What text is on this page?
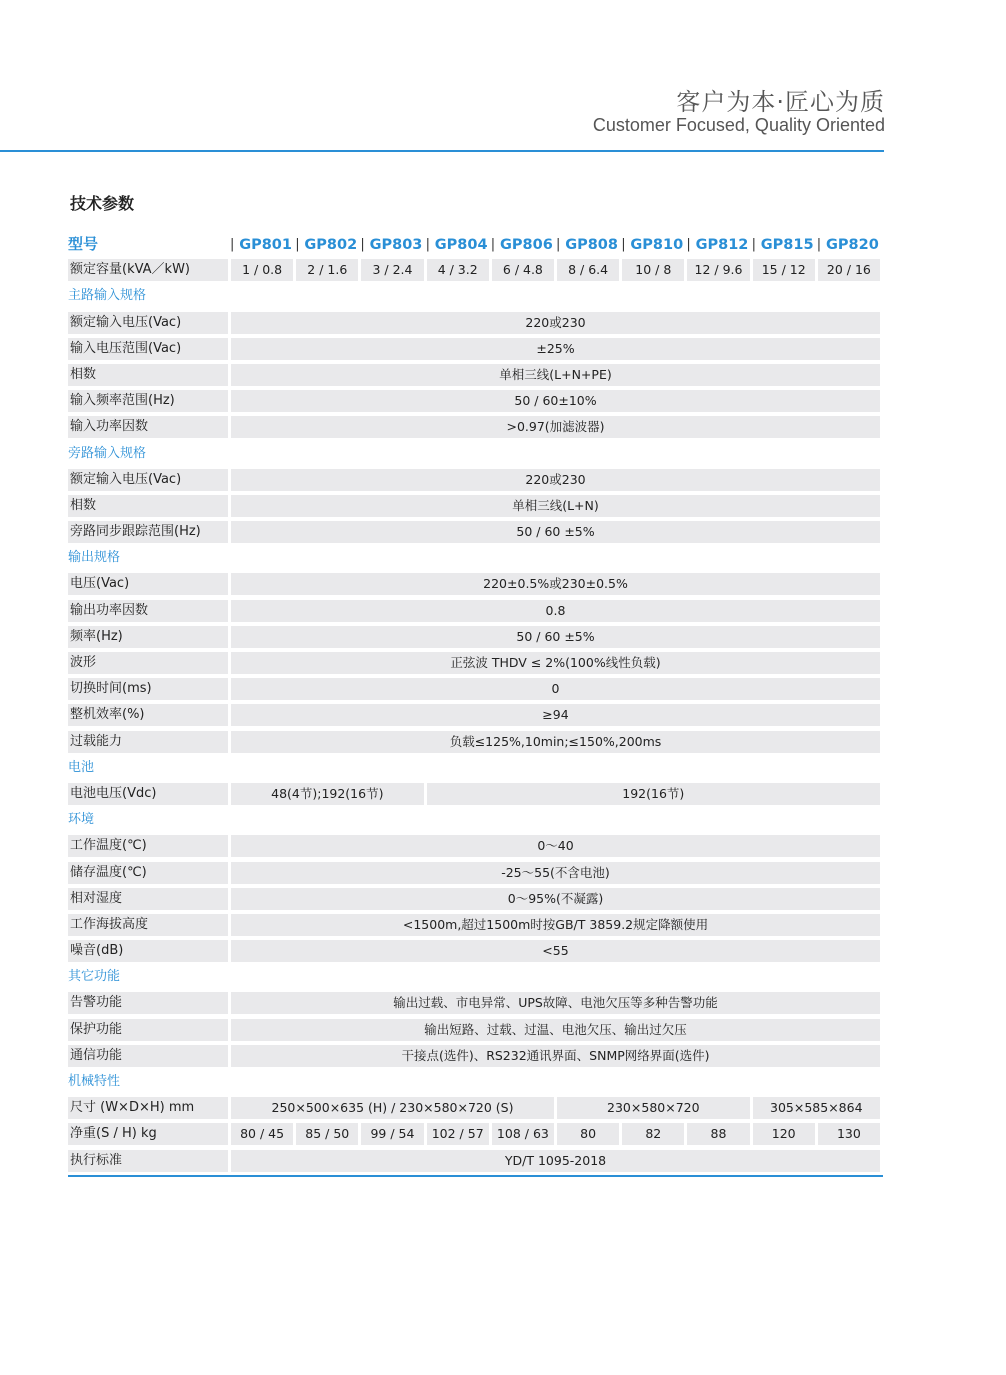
客户为本·匠心为质
Customer Focused, Quality Oriented
技术参数
型号	| GP801 | GP802 | GP803 | GP804 | GP806 | GP808 | GP810 | GP812 | GP815 | GP820
额定容量(kVA／kW)	1 / 0.8	2 / 1.6	3 / 2.4	4 / 3.2	6 / 4.8	8 / 6.4	10 / 8	12 / 9.6	15 / 12	20 / 16
主路输入规格
额定输入电压(Vac)	220或230
输入电压范围(Vac)	±25%
相数	单相三线(L+N+PE)
输入频率范围(Hz)	50 / 60±10%
输入功率因数	>0.97(加滤波器)
旁路输入规格
额定输入电压(Vac)	220或230
相数	单相三线(L+N)
旁路同步跟踪范围(Hz)	50 / 60 ±5%
输出规格
电压(Vac)	220±0.5%或230±0.5%
输出功率因数	0.8
频率(Hz)	50 / 60 ±5%
波形	正弦波 THDV ≤ 2%(100%线性负载)
切换时间(ms)	0
整机效率(%)	≥94
过载能力	负载≤125%,10min;≤150%,200ms
电池
电池电压(Vdc)	48(4节);192(16节)	192(16节)
环境
工作温度(℃)	0～40
储存温度(℃)	-25～55(不含电池)
相对湿度	0～95%(不凝露)
工作海拔高度	<1500m,超过1500m时按GB/T 3859.2规定降额使用
噪音(dB)	<55
其它功能
告警功能	输出过载、市电异常、UPS故障、电池欠压等多种告警功能
保护功能	输出短路、过载、过温、电池欠压、输出过欠压
通信功能	干接点(选件)、RS232通讯界面、SNMP网络界面(选件)
机械特性
尺寸 (W×D×H) mm	250×500×635 (H) / 230×580×720 (S)	230×580×720	305×585×864
净重(S / H) kg	80 / 45	85 / 50	99 / 54	102 / 57	108 / 63	80	82	88	120	130
执行标准	YD/T 1095-2018
